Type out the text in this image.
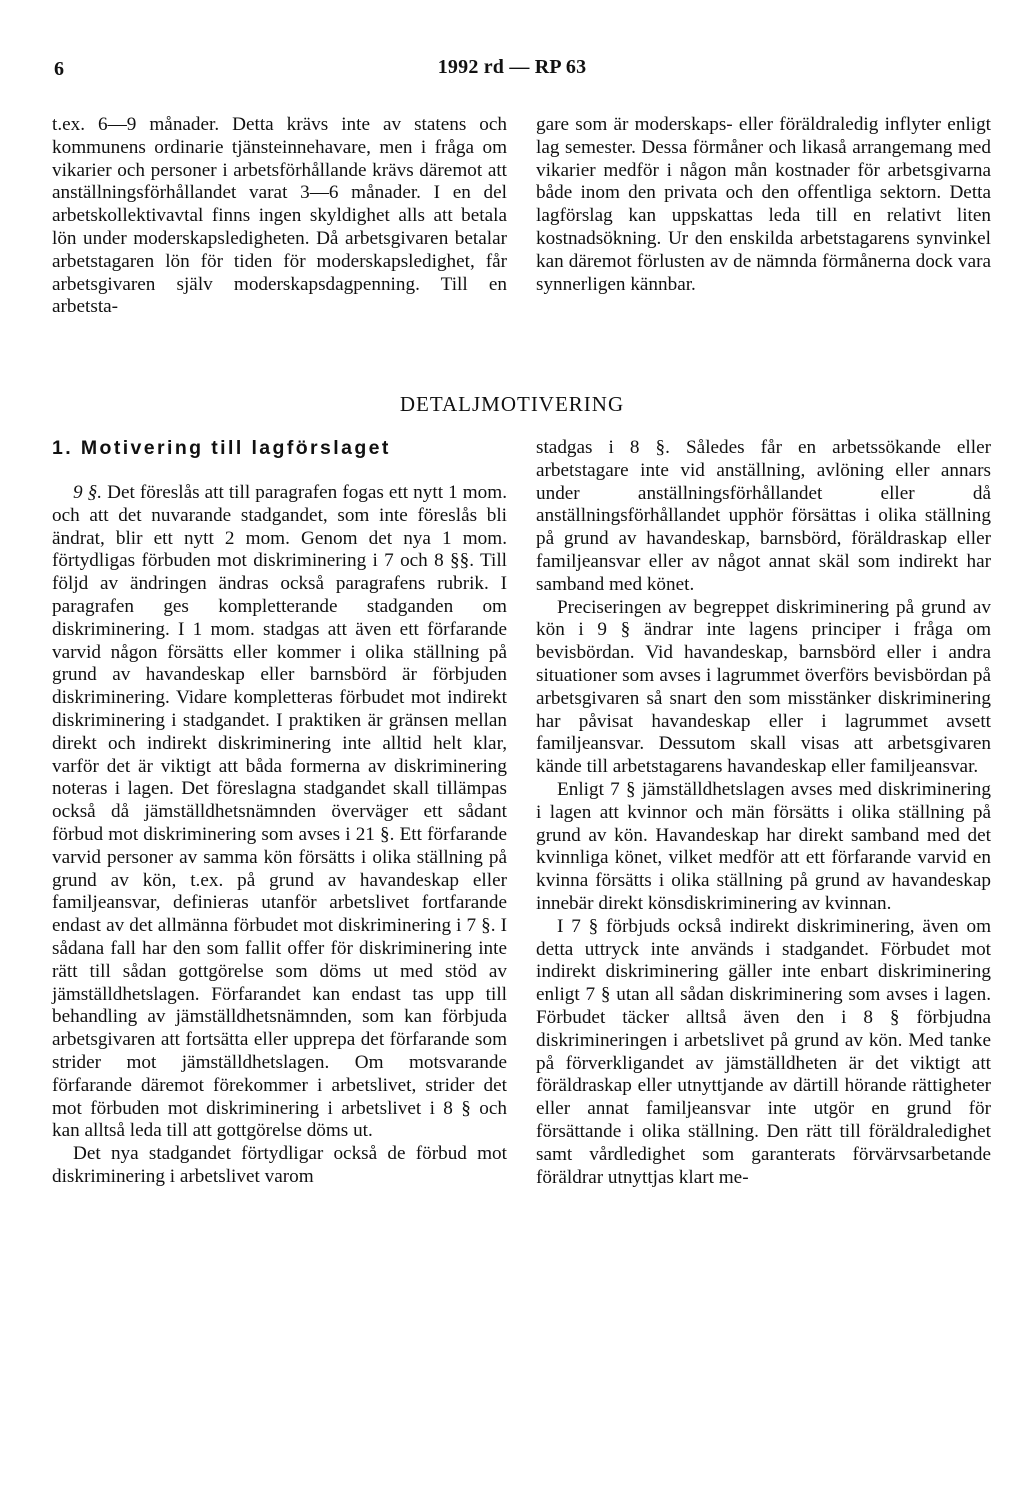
6	1992 rd — RP 63

t.ex. 6—9 månader. Detta krävs inte av statens och kommunens ordinarie tjänsteinnehavare, men i fråga om vikarier och personer i arbetsförhållande krävs däremot att anställningsförhållandet varat 3—6 månader. I en del arbetskollektivavtal finns ingen skyldighet alls att betala lön under moderskapsledigheten. Då arbetsgivaren betalar arbetstagaren lön för tiden för moderskapsledighet, får arbetsgivaren själv moderskapsdagpenning. Till en arbetsta-

gare som är moderskaps- eller föräldraledig inflyter enligt lag semester. Dessa förmåner och likaså arrangemang med vikarier medför i någon mån kostnader för arbetsgivarna både inom den privata och den offentliga sektorn. Detta lagförslag kan uppskattas leda till en relativt liten kostnadsökning. Ur den enskilda arbetstagarens synvinkel kan däremot förlusten av de nämnda förmånerna dock vara synnerligen kännbar.

DETALJMOTIVERING
1. Motivering till lagförslaget

9 §. Det föreslås att till paragrafen fogas ett nytt 1 mom. och att det nuvarande stadgandet, som inte föreslås bli ändrat, blir ett nytt 2 mom. Genom det nya 1 mom. förtydligas förbuden mot diskriminering i 7 och 8 §§. Till följd av ändringen ändras också paragrafens rubrik. I paragrafen ges kompletterande stadganden om diskriminering. I 1 mom. stadgas att även ett förfarande varvid någon försätts eller kommer i olika ställning på grund av havandeskap eller barnsbörd är förbjuden diskriminering. Vidare kompletteras förbudet mot indirekt diskriminering i stadgandet. I praktiken är gränsen mellan direkt och indirekt diskriminering inte alltid helt klar, varför det är viktigt att båda formerna av diskriminering noteras i lagen. Det föreslagna stadgandet skall tillämpas också då jämställdhetsnämnden överväger ett sådant förbud mot diskriminering som avses i 21 §. Ett förfarande varvid personer av samma kön försätts i olika ställning på grund av kön, t.ex. på grund av havandeskap eller familjeansvar, definieras utanför arbetslivet fortfarande endast av det allmänna förbudet mot diskriminering i 7 §. I sådana fall har den som fallit offer för diskriminering inte rätt till sådan gottgörelse som döms ut med stöd av jämställdhetslagen. Förfarandet kan endast tas upp till behandling av jämställdhetsnämnden, som kan förbjuda arbetsgivaren att fortsätta eller upprepa det förfarande som strider mot jämställdhetslagen. Om motsvarande förfarande däremot förekommer i arbetslivet, strider det mot förbuden mot diskriminering i arbetslivet i 8 § och kan alltså leda till att gottgörelse döms ut.

Det nya stadgandet förtydligar också de förbud mot diskriminering i arbetslivet varom

stadgas i 8 §. Således får en arbetssökande eller arbetstagare inte vid anställning, avlöning eller annars under anställningsförhållandet eller då anställningsförhållandet upphör försättas i olika ställning på grund av havandeskap, barnsbörd, föräldraskap eller familjeansvar eller av något annat skäl som indirekt har samband med könet.

Preciseringen av begreppet diskriminering på grund av kön i 9 § ändrar inte lagens principer i fråga om bevisbördan. Vid havandeskap, barnsbörd eller i andra situationer som avses i lagrummet överförs bevisbördan på arbetsgivaren så snart den som misstänker diskriminering har påvisat havandeskap eller i lagrummet avsett familjeansvar. Dessutom skall visas att arbetsgivaren kände till arbetstagarens havandeskap eller familjeansvar.

Enligt 7 § jämställdhetslagen avses med diskriminering i lagen att kvinnor och män försätts i olika ställning på grund av kön. Havandeskap har direkt samband med det kvinnliga könet, vilket medför att ett förfarande varvid en kvinna försätts i olika ställning på grund av havandeskap innebär direkt könsdiskriminering av kvinnan.

I 7 § förbjuds också indirekt diskriminering, även om detta uttryck inte används i stadgandet. Förbudet mot indirekt diskriminering gäller inte enbart diskriminering enligt 7 § utan all sådan diskriminering som avses i lagen. Förbudet täcker alltså även den i 8 § förbjudna diskrimineringen i arbetslivet på grund av kön. Med tanke på förverkligandet av jämställdheten är det viktigt att föräldraskap eller utnyttjande av därtill hörande rättigheter eller annat familjeansvar inte utgör en grund för försättande i olika ställning. Den rätt till föräldraledighet samt vårdledighet som garanterats förvärvsarbetande föräldrar utnyttjas klart me-
